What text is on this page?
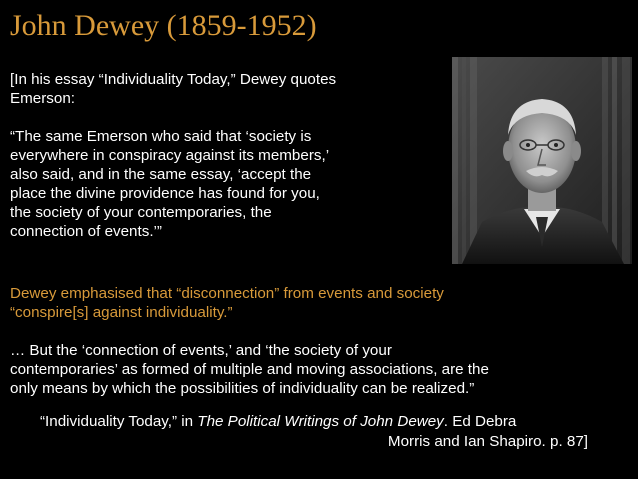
John Dewey (1859-1952)

[In his essay “Individuality Today,” Dewey quotes

Emerson:

“The same Emerson who said that ‘society is

everywhere in conspiracy against its members,’

also said, and in the same essay, ‘accept the

place the divine providence has found for you,

the society of your contemporaries, the

connection of events.’”

Dewey emphasised that “disconnection” from events and society

“conspire[s] against individuality.”

… But the ‘connection of events,’ and ‘the society of your

contemporaries’ as formed of multiple and moving associations, are the

only means by which the possibilities of individuality can be realized.”

“Individuality Today,” in The Political Writings of John Dewey. Ed Debra
Morris and Ian Shapiro. p. 87]
